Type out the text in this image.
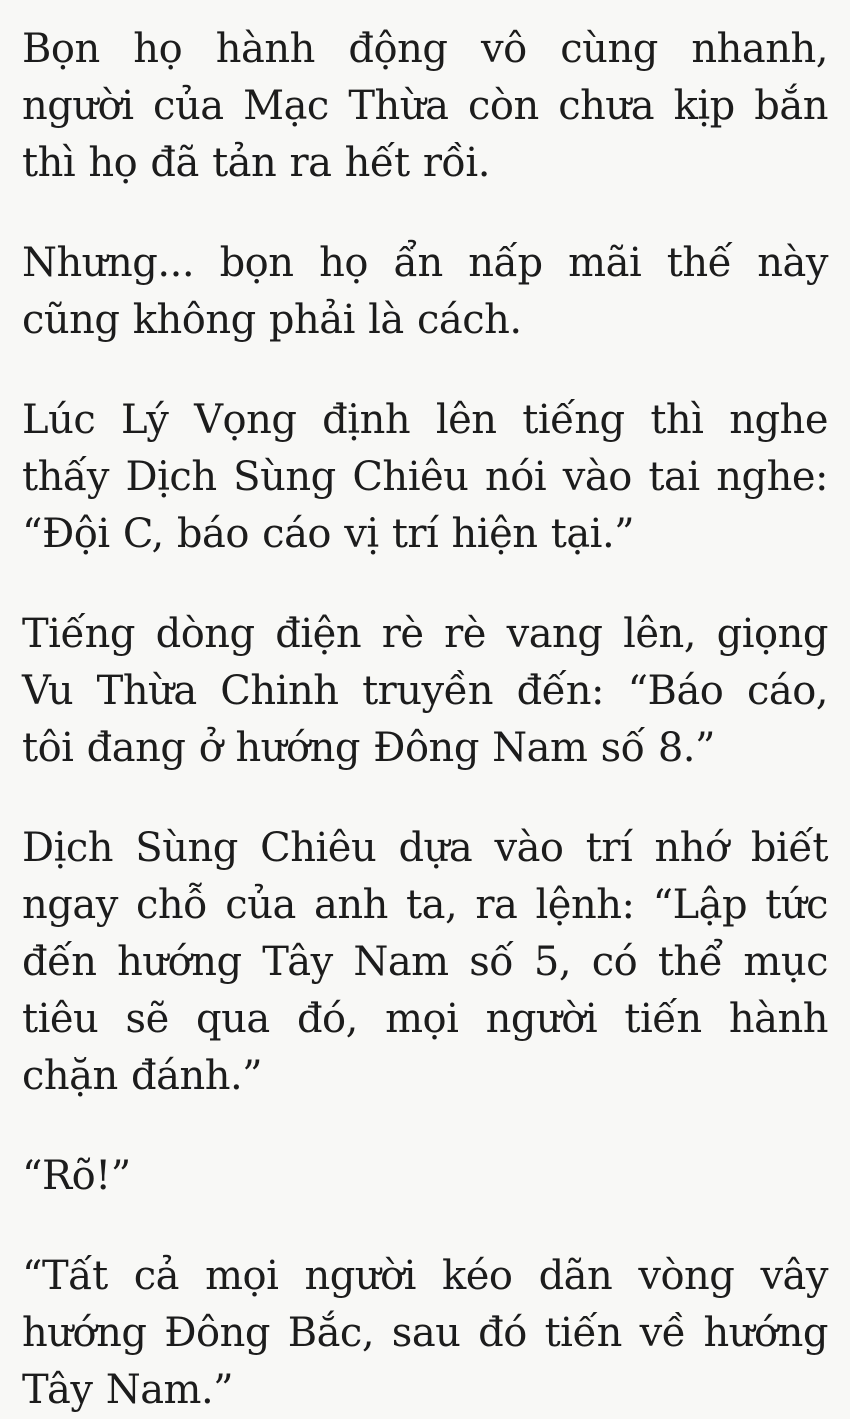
Bọn họ hành động vô cùng nhanh, người của Mạc Thừa còn chưa kịp bắn thì họ đã tản ra hết rồi.

Nhưng... bọn họ ẩn nấp mãi thế này cũng không phải là cách.

Lúc Lý Vọng định lên tiếng thì nghe thấy Dịch Sùng Chiêu nói vào tai nghe: “Đội C, báo cáo vị trí hiện tại.”

Tiếng dòng điện rè rè vang lên, giọng Vu Thừa Chinh truyền đến: “Báo cáo, tôi đang ở hướng Đông Nam số 8.”

Dịch Sùng Chiêu dựa vào trí nhớ biết ngay chỗ của anh ta, ra lệnh: “Lập tức đến hướng Tây Nam số 5, có thể mục tiêu sẽ qua đó, mọi người tiến hành chặn đánh.”

“Rõ!”

“Tất cả mọi người kéo dãn vòng vây hướng Đông Bắc, sau đó tiến về hướng Tây Nam.”
